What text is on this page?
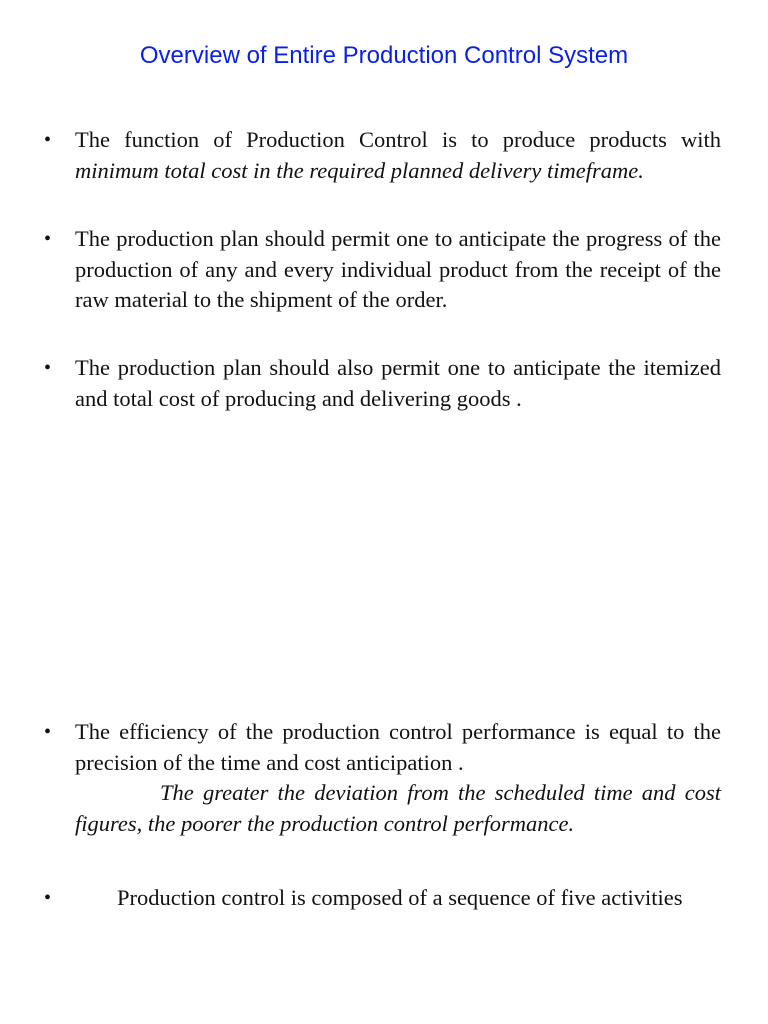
Overview of Entire Production Control System
• The function of Production Control is to produce products with minimum total cost in the required planned delivery timeframe.
• The production plan should permit one to anticipate the progress of the production of any and every individual product from the receipt of the raw material to the shipment of the order.
• The production plan should also permit one to anticipate the itemized and total cost of producing and delivering goods .
• The efficiency of the production control performance is equal to the precision of the time and cost anticipation .
The greater the deviation from the scheduled time and cost figures, the poorer the production control performance.
•	Production control is composed of a sequence of five activities
